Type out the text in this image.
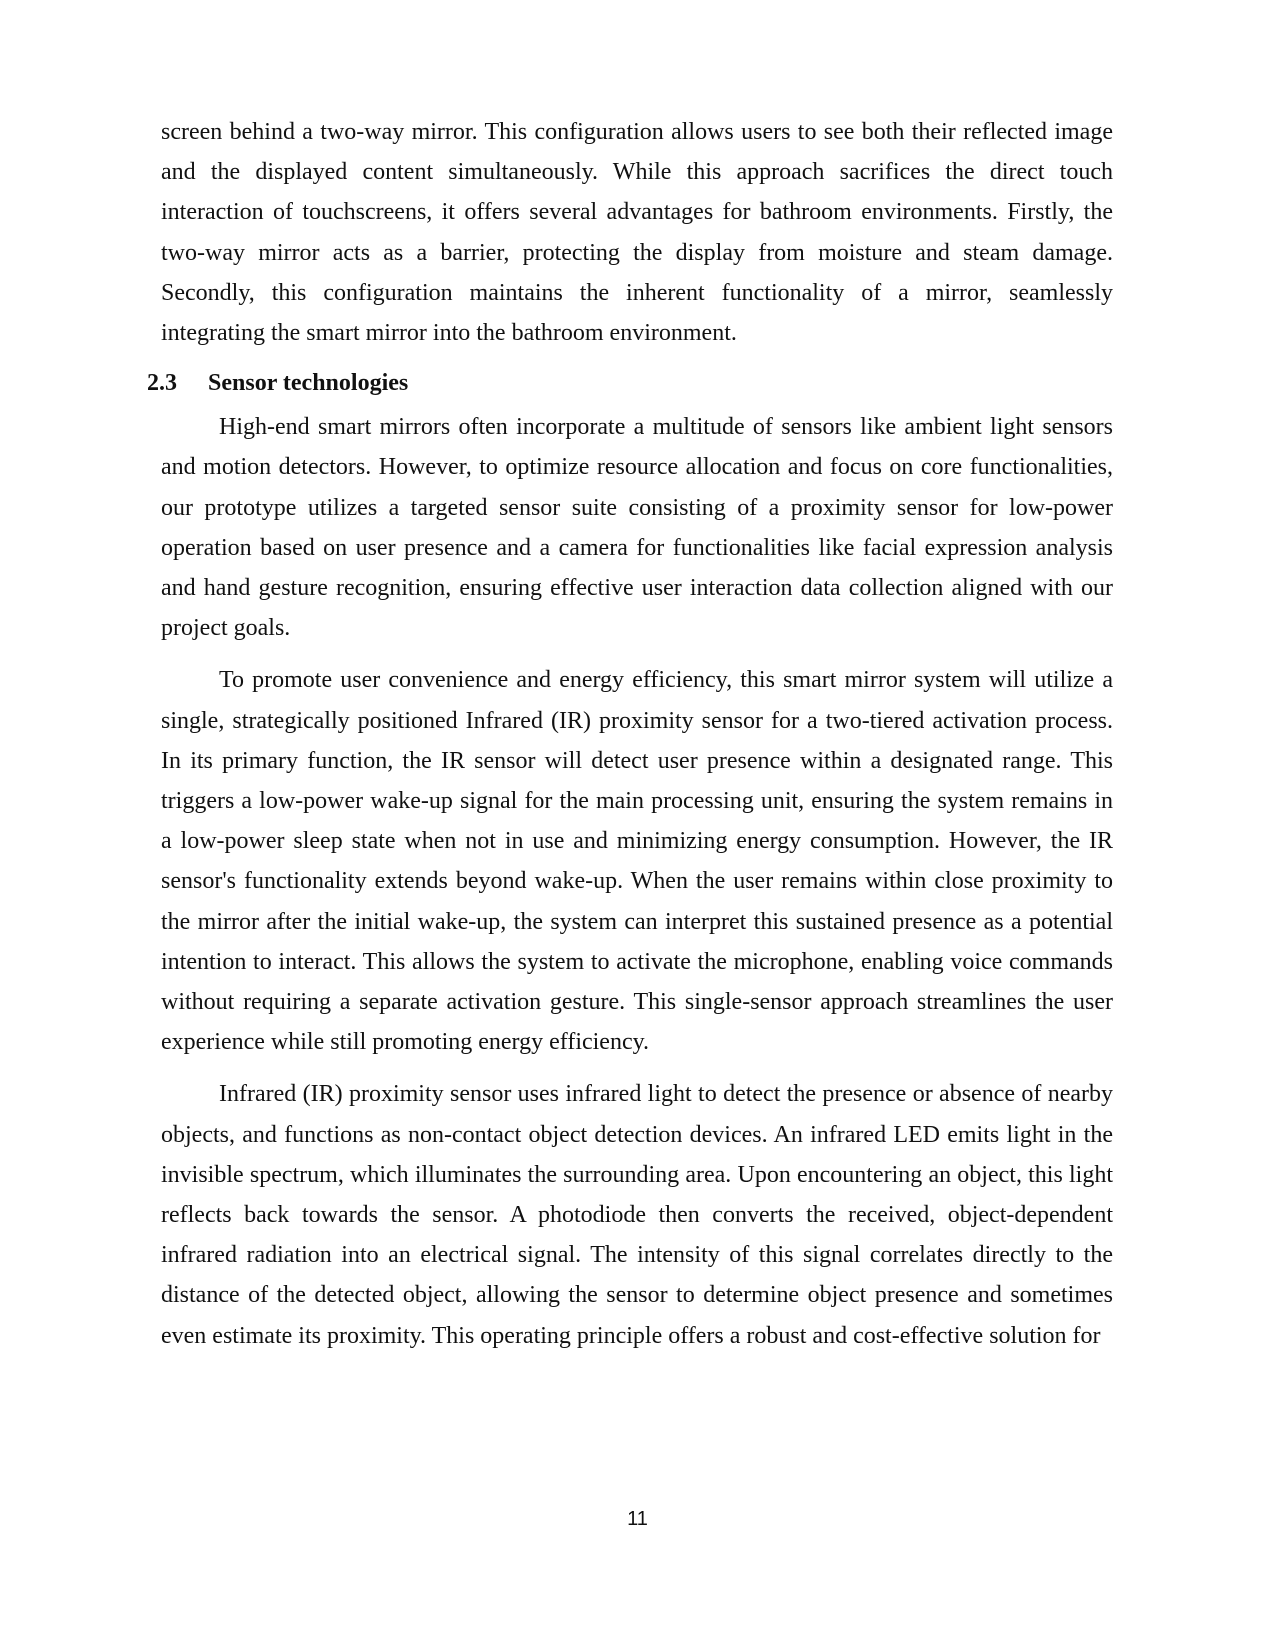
screen behind a two-way mirror. This configuration allows users to see both their reflected image and the displayed content simultaneously. While this approach sacrifices the direct touch interaction of touchscreens, it offers several advantages for bathroom environments. Firstly, the two-way mirror acts as a barrier, protecting the display from moisture and steam damage. Secondly, this configuration maintains the inherent functionality of a mirror, seamlessly integrating the smart mirror into the bathroom environment.

2.3	Sensor technologies

High-end smart mirrors often incorporate a multitude of sensors like ambient light sensors and motion detectors. However, to optimize resource allocation and focus on core functionalities, our prototype utilizes a targeted sensor suite consisting of a proximity sensor for low-power operation based on user presence and a camera for functionalities like facial expression analysis and hand gesture recognition, ensuring effective user interaction data collection aligned with our project goals.

To promote user convenience and energy efficiency, this smart mirror system will utilize a single, strategically positioned Infrared (IR) proximity sensor for a two-tiered activation process. In its primary function, the IR sensor will detect user presence within a designated range. This triggers a low-power wake-up signal for the main processing unit, ensuring the system remains in a low-power sleep state when not in use and minimizing energy consumption. However, the IR sensor's functionality extends beyond wake-up. When the user remains within close proximity to the mirror after the initial wake-up, the system can interpret this sustained presence as a potential intention to interact. This allows the system to activate the microphone, enabling voice commands without requiring a separate activation gesture. This single-sensor approach streamlines the user experience while still promoting energy efficiency.

Infrared (IR) proximity sensor uses infrared light to detect the presence or absence of nearby objects, and functions as non-contact object detection devices. An infrared LED emits light in the invisible spectrum, which illuminates the surrounding area. Upon encountering an object, this light reflects back towards the sensor. A photodiode then converts the received, object-dependent infrared radiation into an electrical signal. The intensity of this signal correlates directly to the distance of the detected object, allowing the sensor to determine object presence and sometimes even estimate its proximity. This operating principle offers a robust and cost-effective solution for

11
